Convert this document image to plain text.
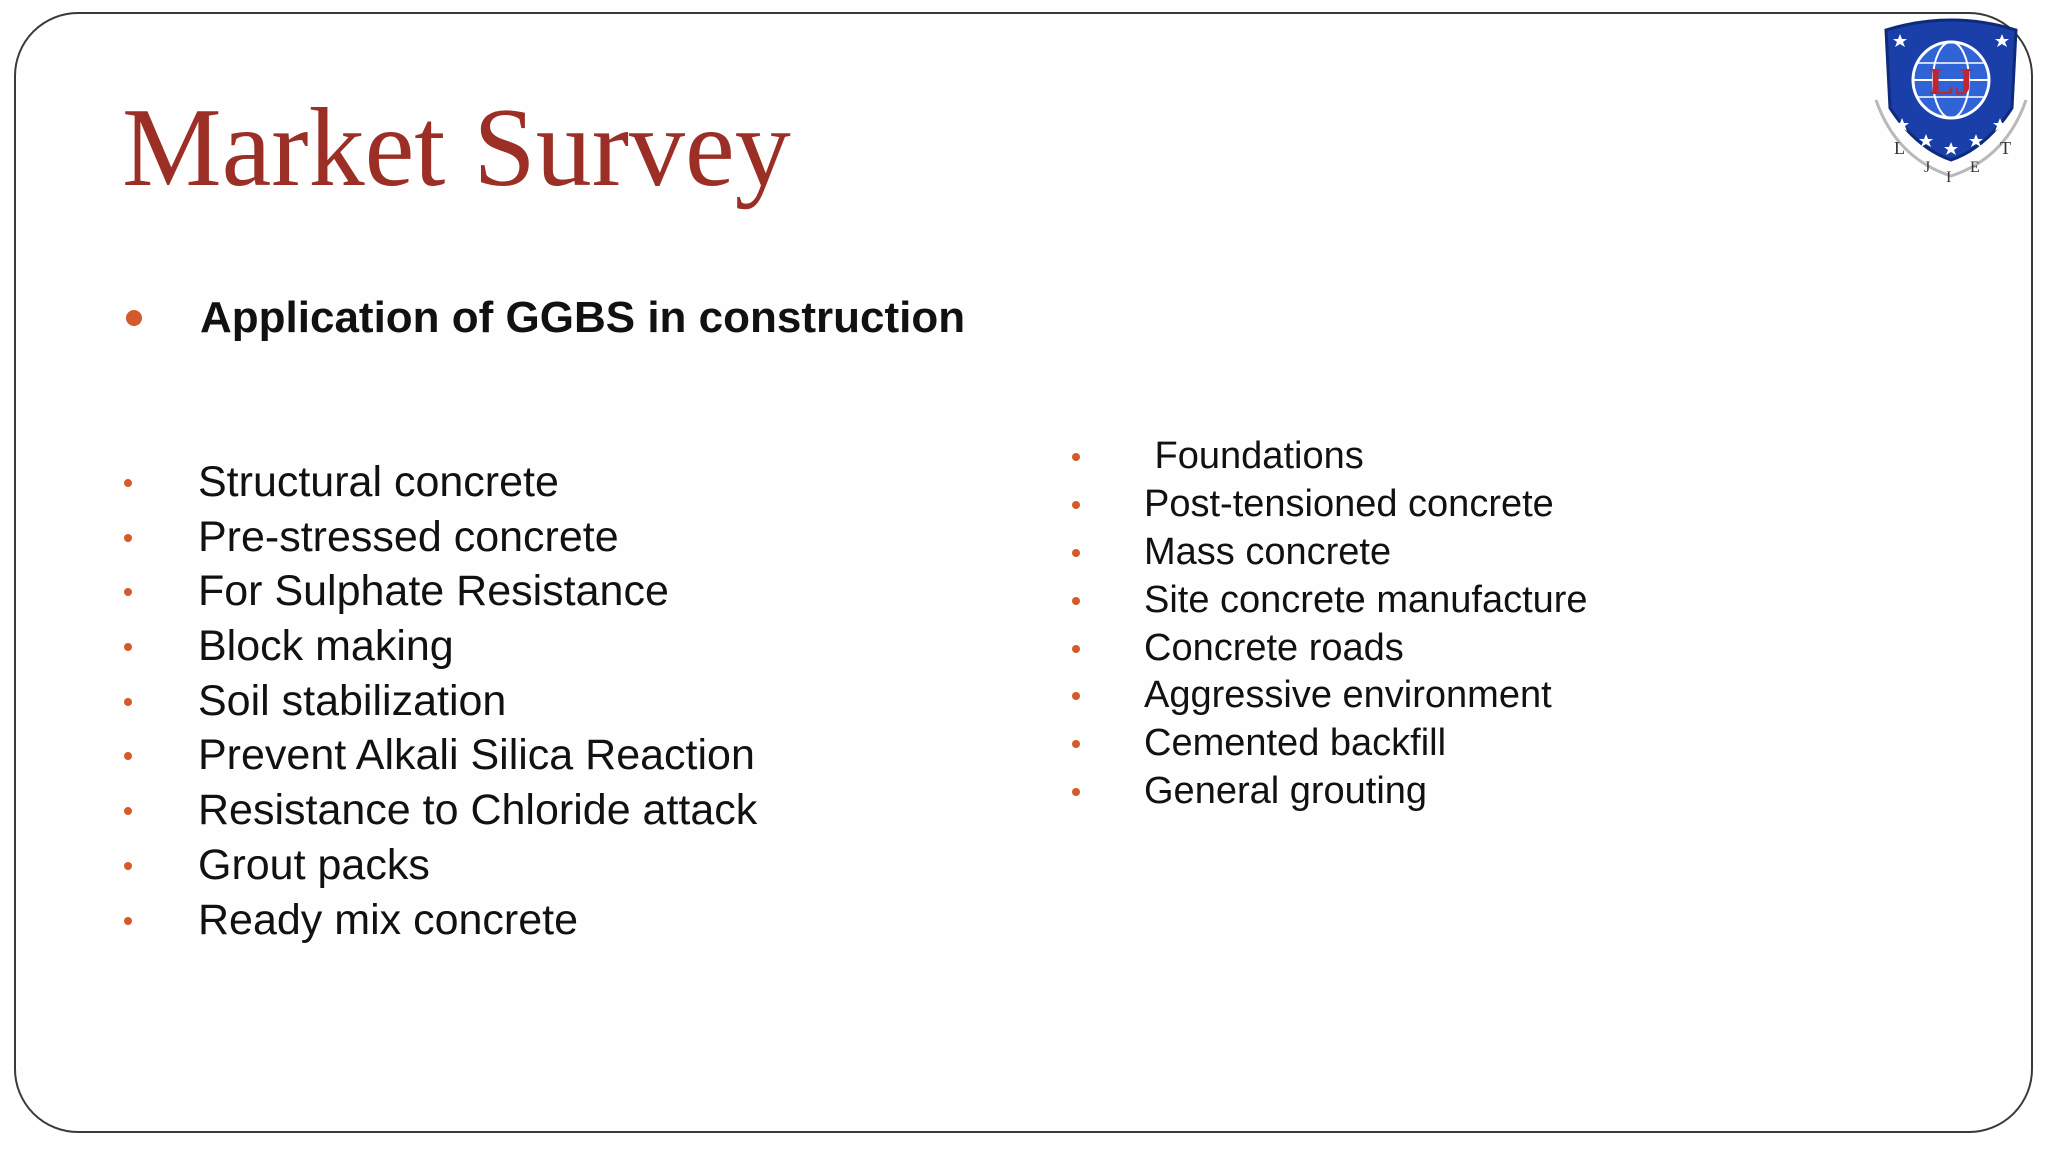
Market Survey
LJ
L
J
I
E
T
Application of GGBS in construction
Structural concrete
Pre-stressed concrete
For Sulphate Resistance
Block making
Soil stabilization
Prevent Alkali Silica Reaction
Resistance to Chloride attack
Grout packs
Ready mix concrete
Foundations
Post-tensioned concrete
Mass concrete
Site concrete manufacture
Concrete roads
Aggressive environment
Cemented backfill
General grouting
